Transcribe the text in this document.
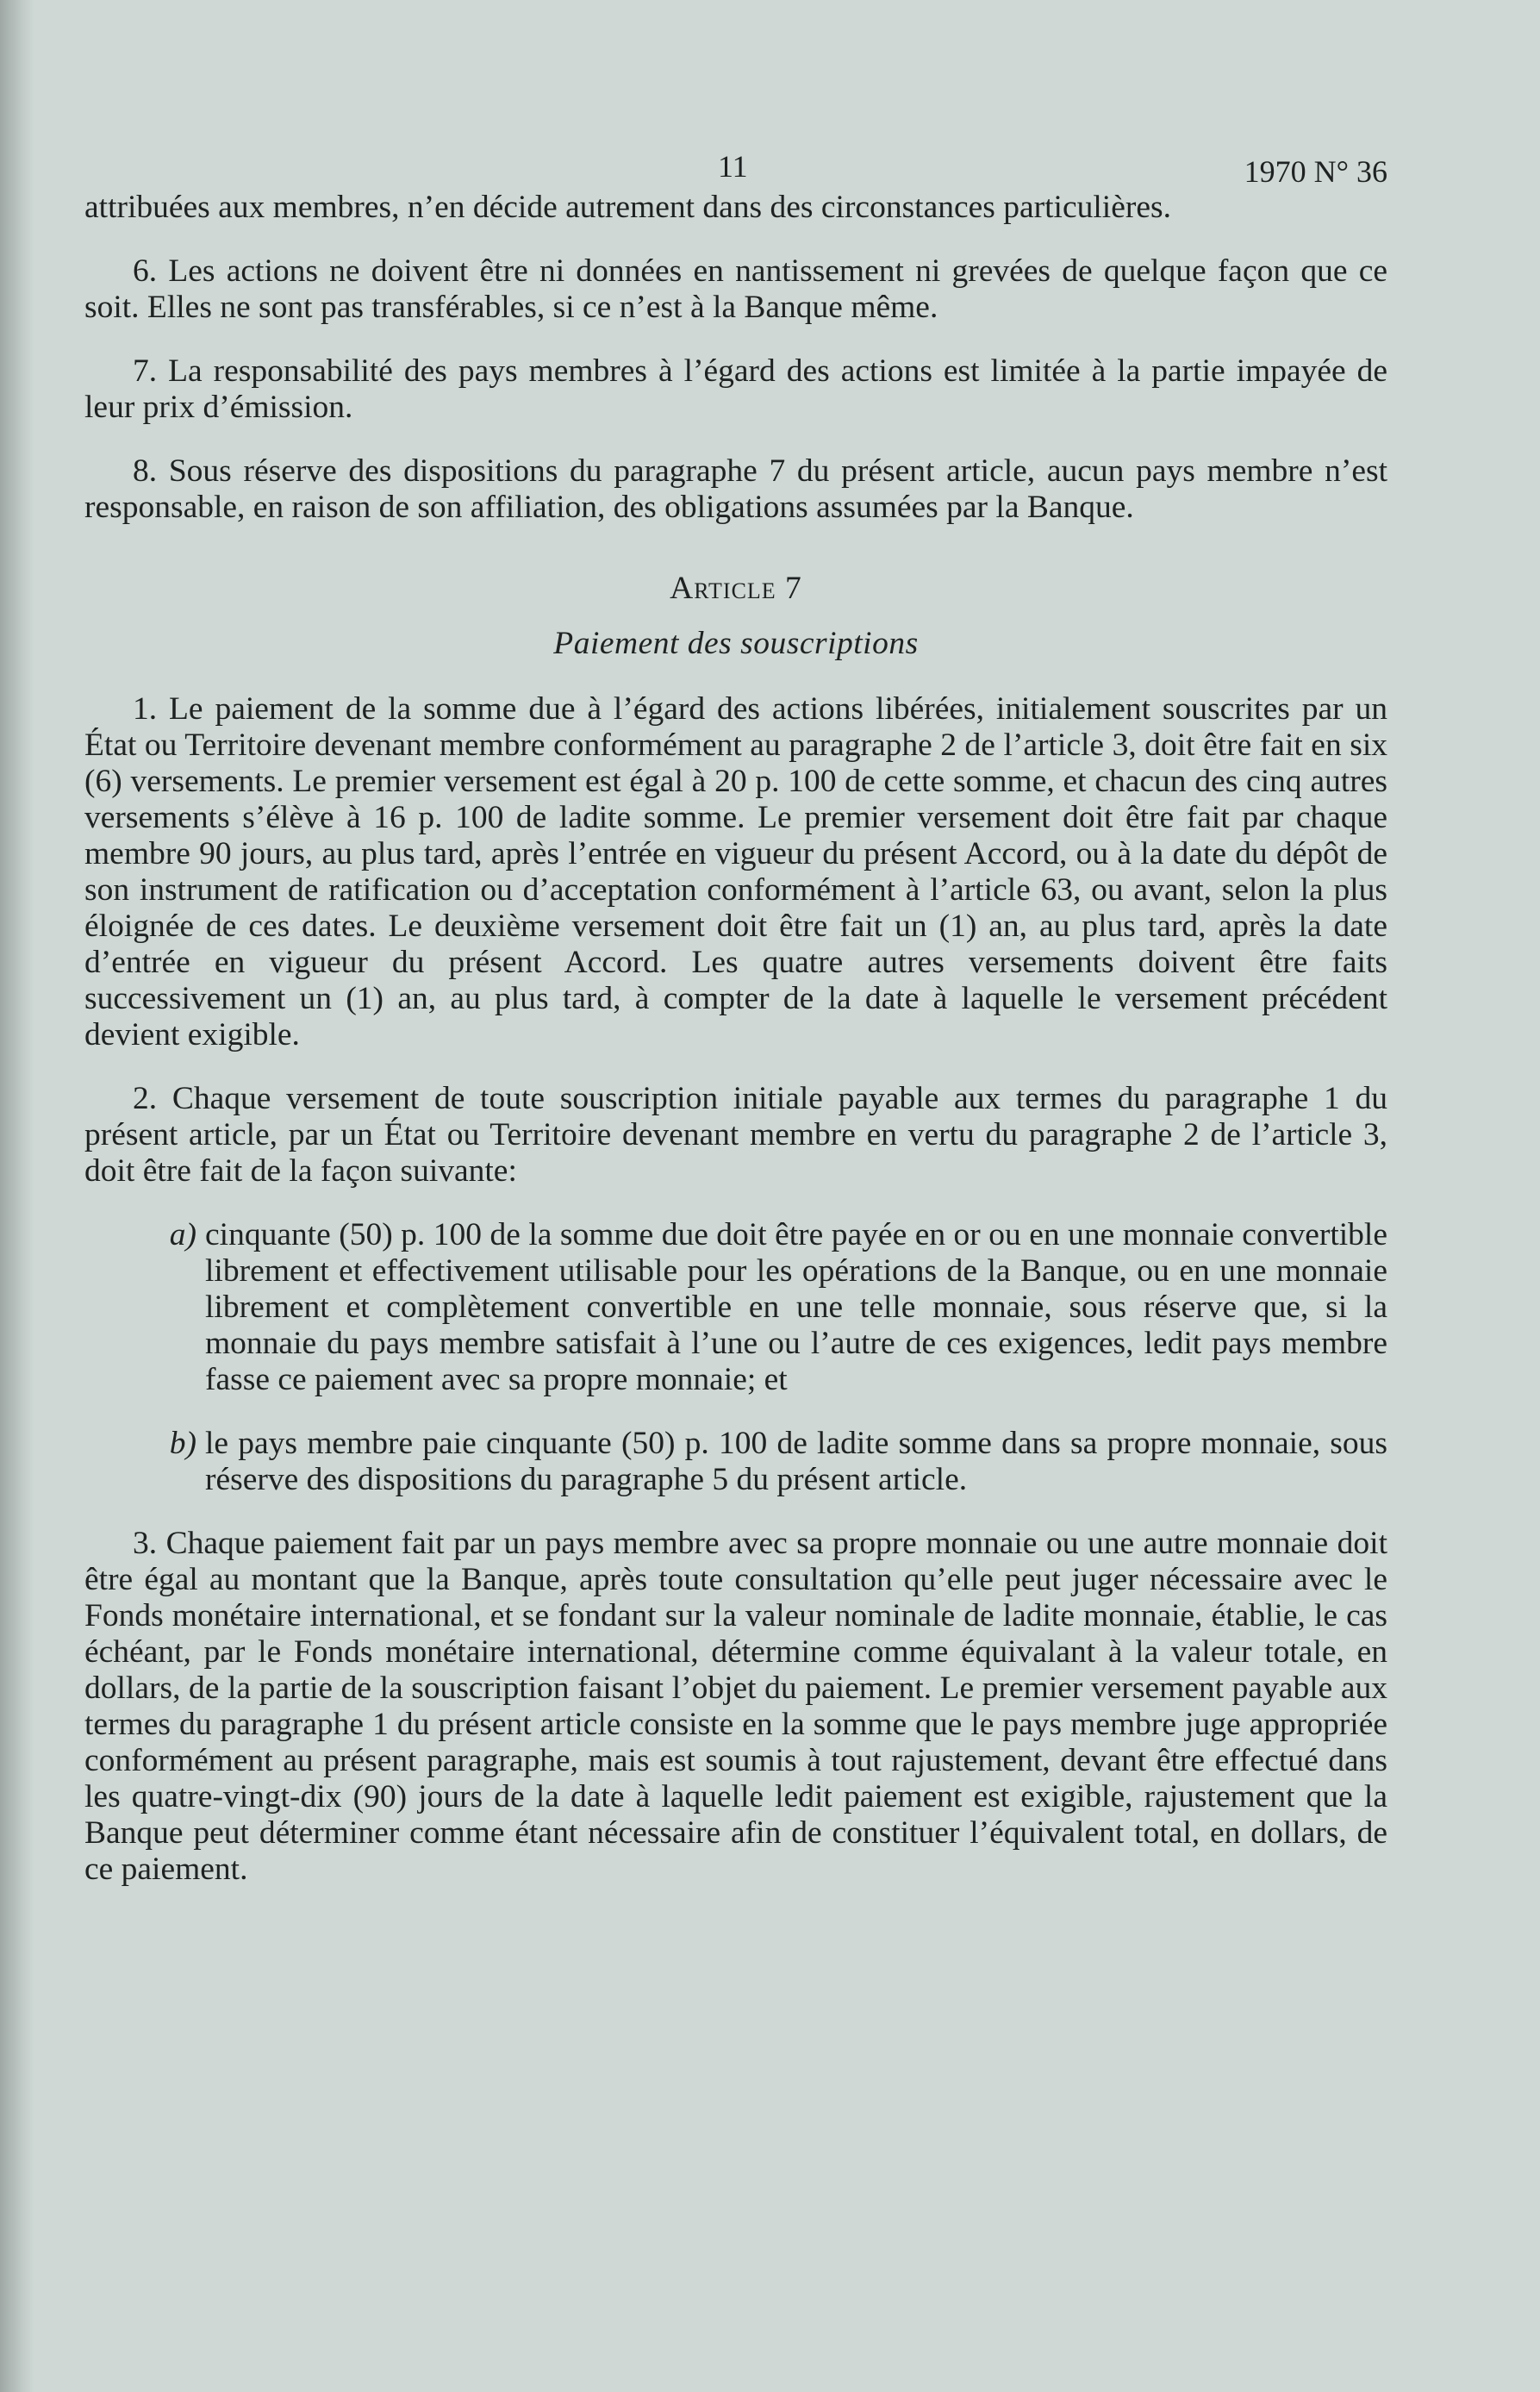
11	1970 N° 36

attribuées aux membres, n’en décide autrement dans des circonstances particulières.

6. Les actions ne doivent être ni données en nantissement ni grevées de quelque façon que ce soit. Elles ne sont pas transférables, si ce n’est à la Banque même.

7. La responsabilité des pays membres à l’égard des actions est limitée à la partie impayée de leur prix d’émission.

8. Sous réserve des dispositions du paragraphe 7 du présent article, aucun pays membre n’est responsable, en raison de son affiliation, des obligations assumées par la Banque.

Article 7
Paiement des souscriptions

1. Le paiement de la somme due à l’égard des actions libérées, initialement souscrites par un État ou Territoire devenant membre conformément au paragraphe 2 de l’article 3, doit être fait en six (6) versements. Le premier versement est égal à 20 p. 100 de cette somme, et chacun des cinq autres versements s’élève à 16 p. 100 de ladite somme. Le premier versement doit être fait par chaque membre 90 jours, au plus tard, après l’entrée en vigueur du présent Accord, ou à la date du dépôt de son instrument de ratification ou d’acceptation conformément à l’article 63, ou avant, selon la plus éloignée de ces dates. Le deuxième versement doit être fait un (1) an, au plus tard, après la date d’entrée en vigueur du présent Accord. Les quatre autres versements doivent être faits successivement un (1) an, au plus tard, à compter de la date à laquelle le versement précédent devient exigible.

2. Chaque versement de toute souscription initiale payable aux termes du paragraphe 1 du présent article, par un État ou Territoire devenant membre en vertu du paragraphe 2 de l’article 3, doit être fait de la façon suivante:

a) cinquante (50) p. 100 de la somme due doit être payée en or ou en une monnaie convertible librement et effectivement utilisable pour les opérations de la Banque, ou en une monnaie librement et complètement convertible en une telle monnaie, sous réserve que, si la monnaie du pays membre satisfait à l’une ou l’autre de ces exigences, ledit pays membre fasse ce paiement avec sa propre monnaie; et
b) le pays membre paie cinquante (50) p. 100 de ladite somme dans sa propre monnaie, sous réserve des dispositions du paragraphe 5 du présent article.

3. Chaque paiement fait par un pays membre avec sa propre monnaie ou une autre monnaie doit être égal au montant que la Banque, après toute consultation qu’elle peut juger nécessaire avec le Fonds monétaire international, et se fondant sur la valeur nominale de ladite monnaie, établie, le cas échéant, par le Fonds monétaire international, détermine comme équivalant à la valeur totale, en dollars, de la partie de la souscription faisant l’objet du paiement. Le premier versement payable aux termes du paragraphe 1 du présent article consiste en la somme que le pays membre juge appropriée conformément au présent paragraphe, mais est soumis à tout rajustement, devant être effectué dans les quatre-vingt-dix (90) jours de la date à laquelle ledit paiement est exigible, rajustement que la Banque peut déterminer comme étant nécessaire afin de constituer l’équivalent total, en dollars, de ce paiement.
